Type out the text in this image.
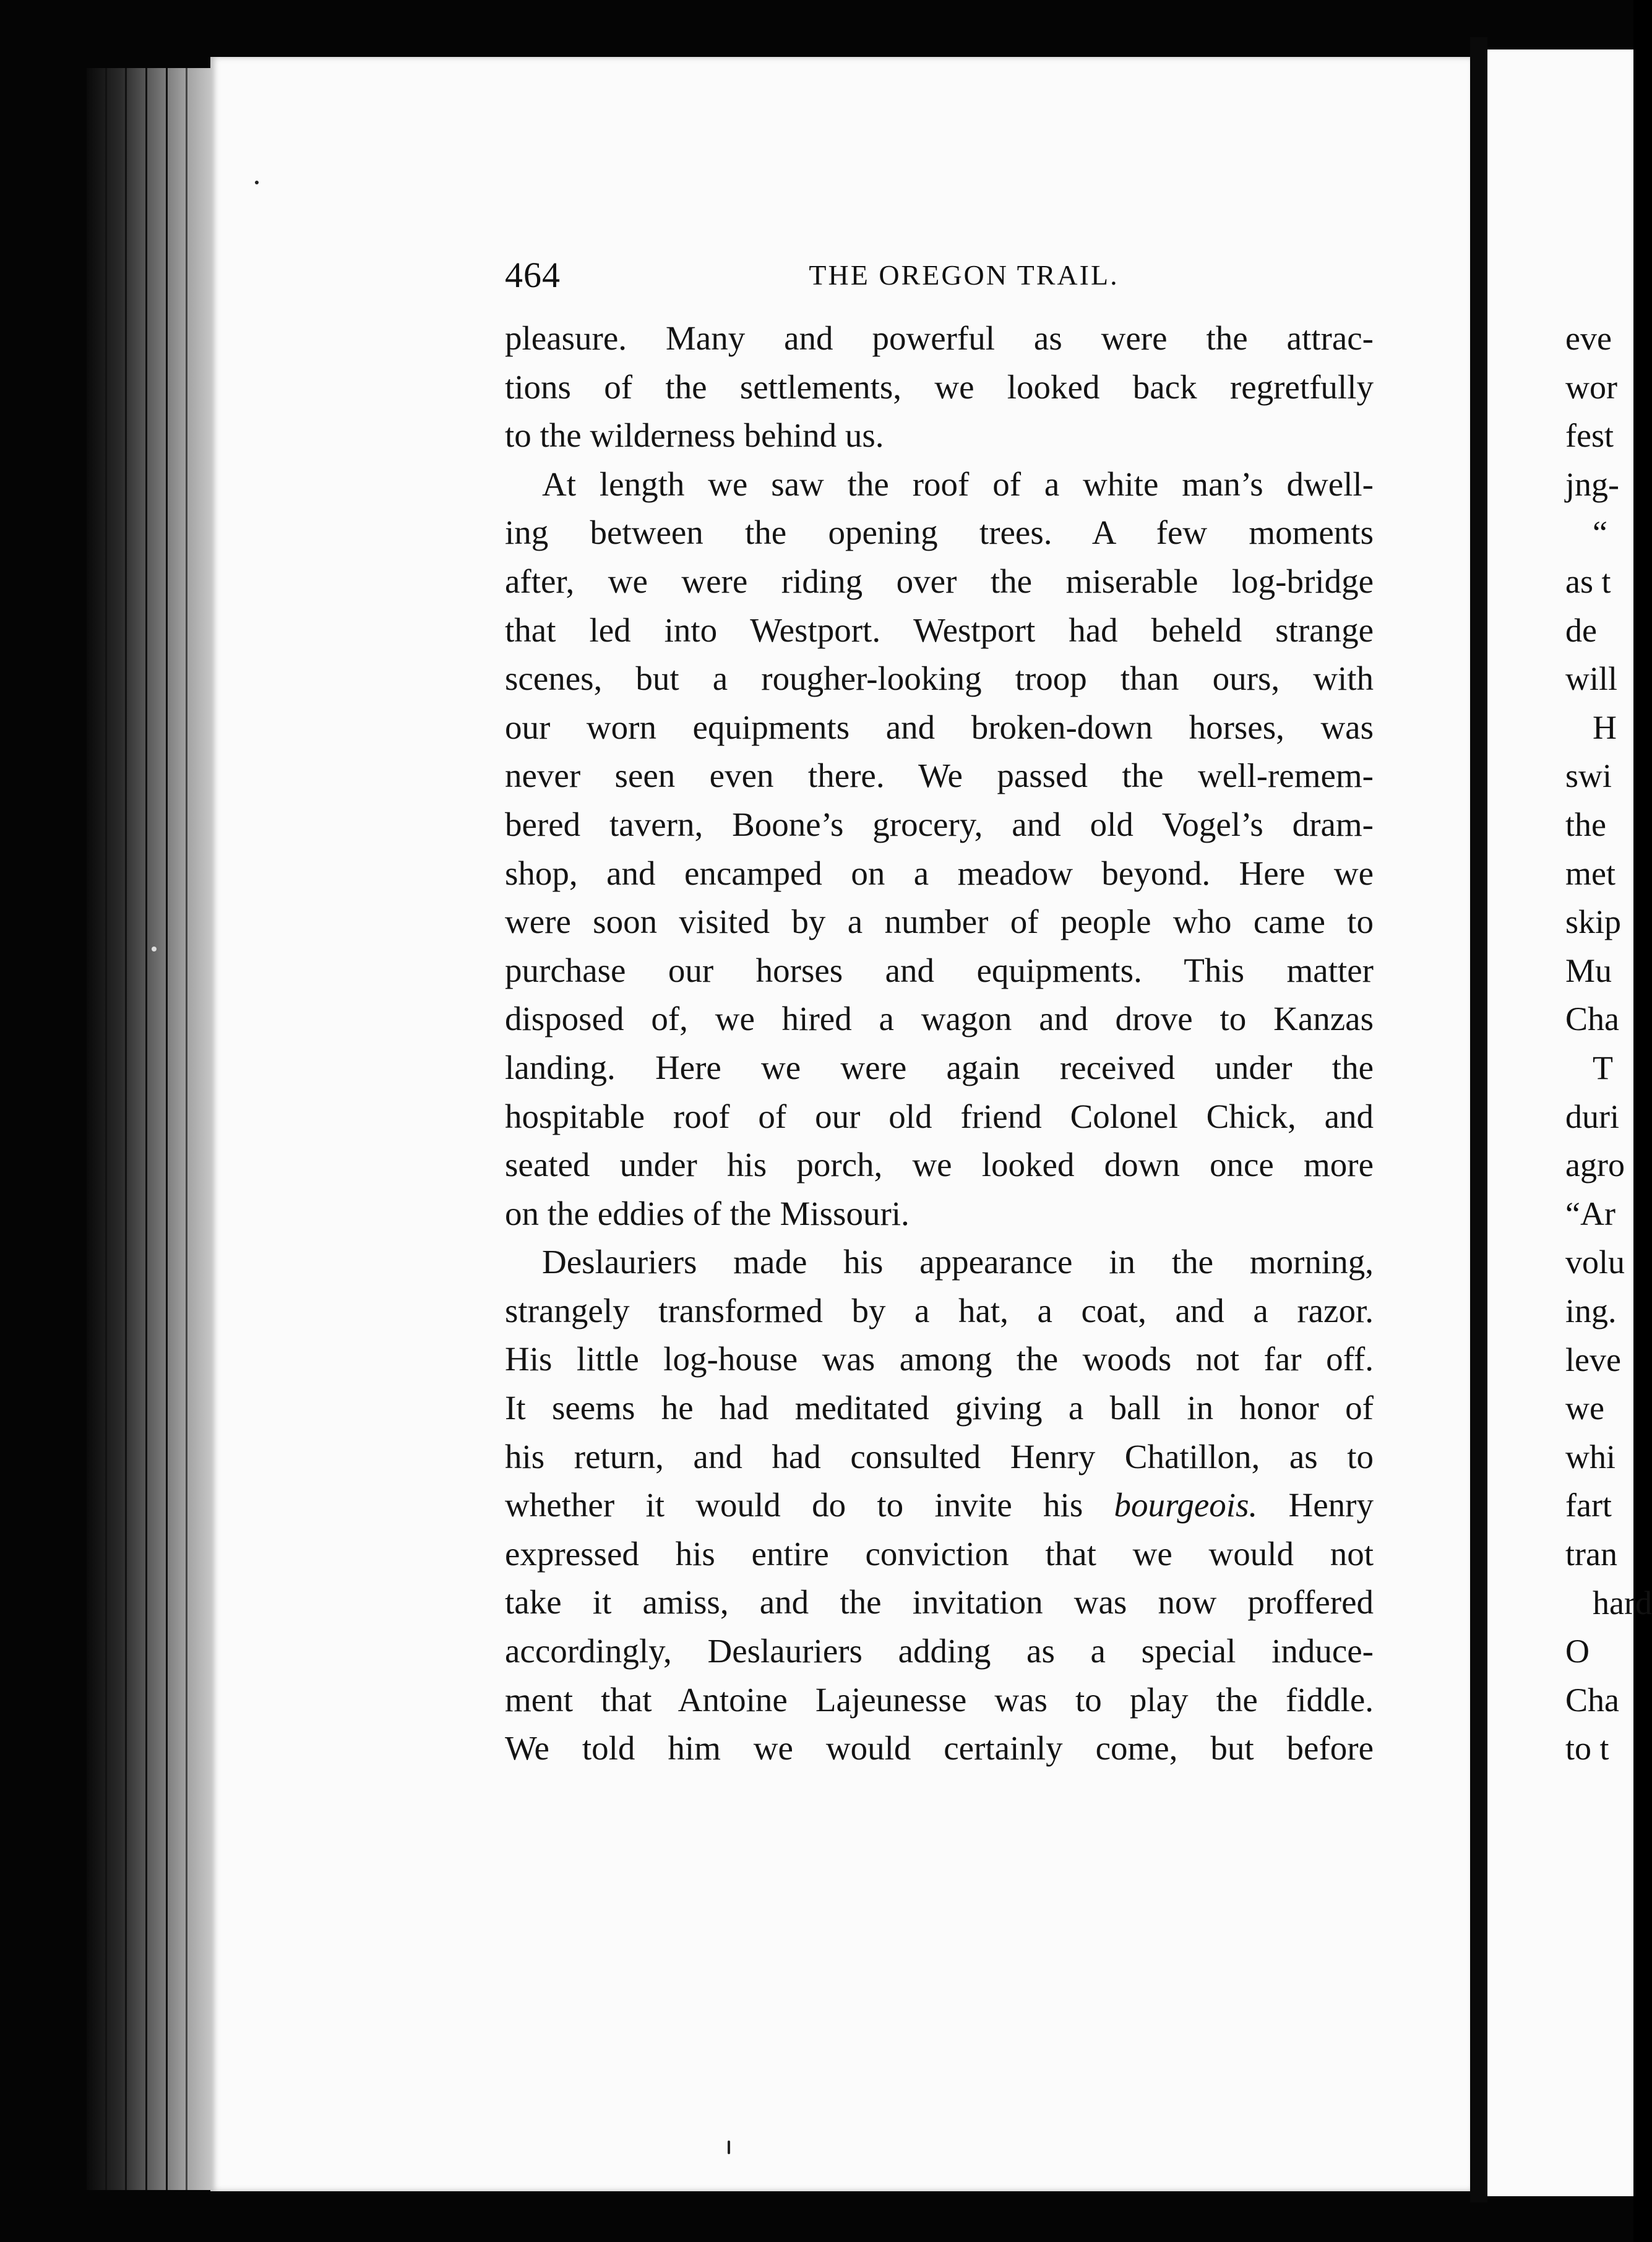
eve
wor
fest
jng-
“
as t
de
will
H
swi
the
met
skip
Mu
Cha
T
duri
agro
“Ar
volu
ing.
leve
we
whi
fart
tran
hard
O
Cha
to t
464	THE OREGON TRAIL.

pleasure. Many and powerful as were the attrac-
tions of the settlements, we looked back regretfully
to the wilderness behind us.

At length we saw the roof of a white man’s dwell-
ing between the opening trees. A few moments
after, we were riding over the miserable log-bridge
that led into Westport. Westport had beheld strange
scenes, but a rougher-looking troop than ours, with
our worn equipments and broken-down horses, was
never seen even there. We passed the well-remem-
bered tavern, Boone’s grocery, and old Vogel’s dram-
shop, and encamped on a meadow beyond. Here we
were soon visited by a number of people who came to
purchase our horses and equipments. This matter
disposed of, we hired a wagon and drove to Kanzas
landing. Here we were again received under the
hospitable roof of our old friend Colonel Chick, and
seated under his porch, we looked down once more
on the eddies of the Missouri.

Deslauriers made his appearance in the morning,
strangely transformed by a hat, a coat, and a razor.
His little log-house was among the woods not far off.
It seems he had meditated giving a ball in honor of
his return, and had consulted Henry Chatillon, as to
whether it would do to invite his bourgeois. Henry
expressed his entire conviction that we would not
take it amiss, and the invitation was now proffered
accordingly, Deslauriers adding as a special induce-
ment that Antoine Lajeunesse was to play the fiddle.
We told him we would certainly come, but before
